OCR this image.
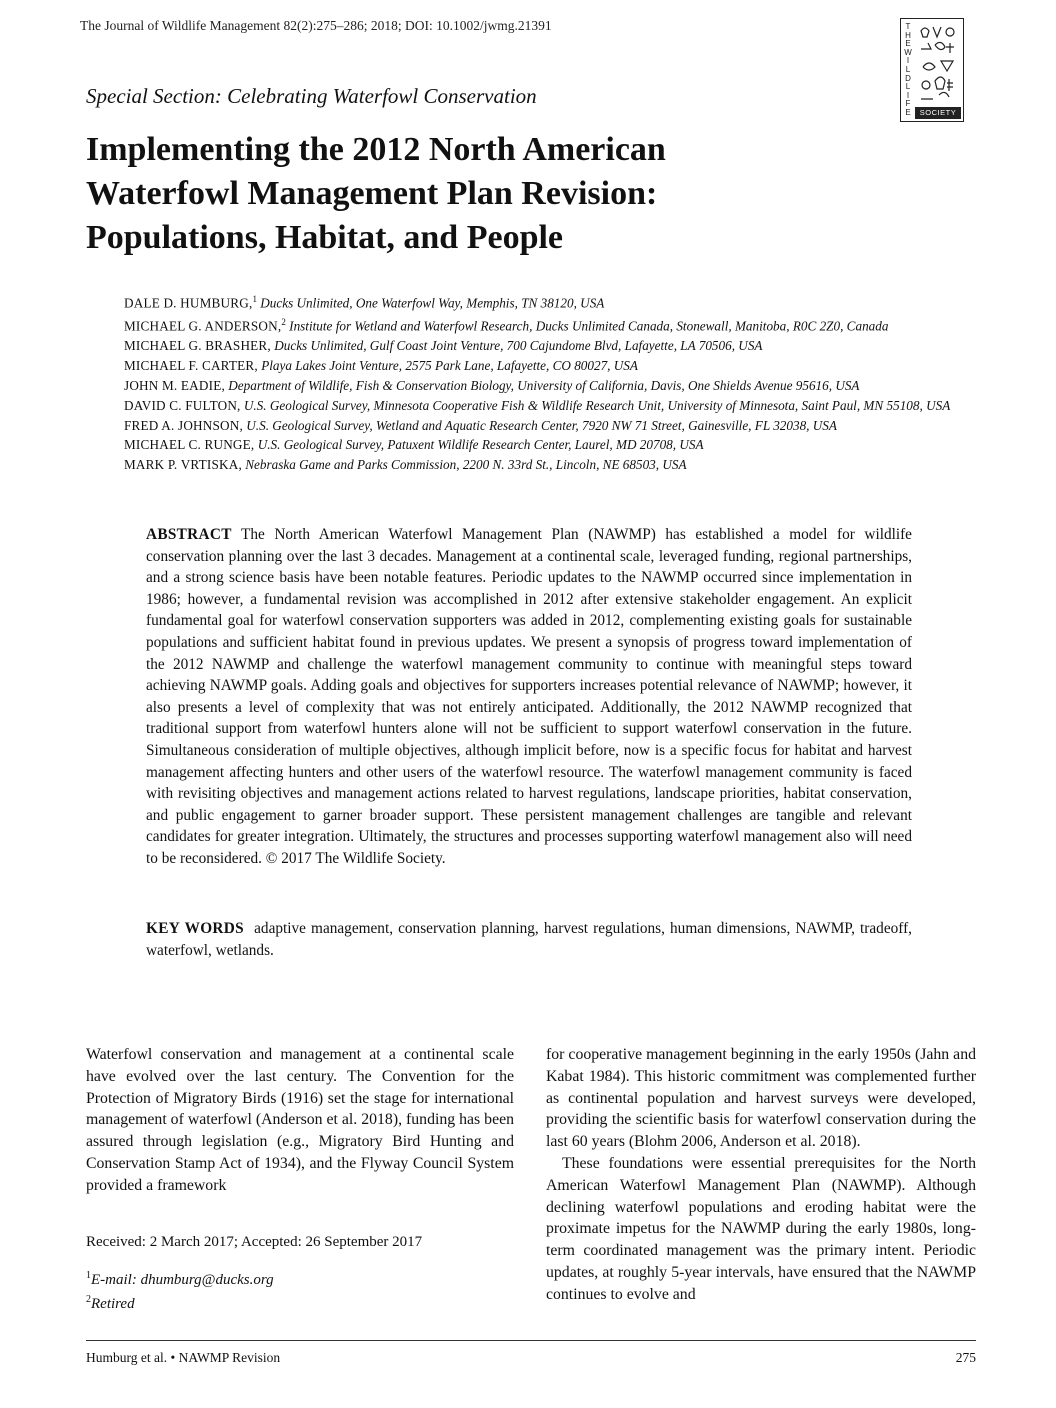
The Journal of Wildlife Management 82(2):275–286; 2018; DOI: 10.1002/jwmg.21391	T
H
E
W
I
L
D
L
I
F
E	SOCIETY
Special Section: Celebrating Waterfowl Conservation
Implementing the 2012 North American
Waterfowl Management Plan Revision:
Populations, Habitat, and People

DALE D. HUMBURG,$^1$ Ducks Unlimited, One Waterfowl Way, Memphis, TN 38120, USA

MICHAEL G. ANDERSON,$^2$ Institute for Wetland and Waterfowl Research, Ducks Unlimited Canada, Stonewall, Manitoba, R0C 2Z0, Canada

MICHAEL G. BRASHER, Ducks Unlimited, Gulf Coast Joint Venture, 700 Cajundome Blvd, Lafayette, LA 70506, USA

MICHAEL F. CARTER, Playa Lakes Joint Venture, 2575 Park Lane, Lafayette, CO 80027, USA

JOHN M. EADIE, Department of Wildlife, Fish & Conservation Biology, University of California, Davis, One Shields Avenue 95616, USA

DAVID C. FULTON, U.S. Geological Survey, Minnesota Cooperative Fish & Wildlife Research Unit, University of Minnesota, Saint Paul, MN 55108, USA

FRED A. JOHNSON, U.S. Geological Survey, Wetland and Aquatic Research Center, 7920 NW 71 Street, Gainesville, FL 32038, USA

MICHAEL C. RUNGE, U.S. Geological Survey, Patuxent Wildlife Research Center, Laurel, MD 20708, USA

MARK P. VRTISKA, Nebraska Game and Parks Commission, 2200 N. 33rd St., Lincoln, NE 68503, USA

ABSTRACT The North American Waterfowl Management Plan (NAWMP) has established a model for wildlife conservation planning over the last 3 decades. Management at a continental scale, leveraged funding, regional partnerships, and a strong science basis have been notable features. Periodic updates to the NAWMP occurred since implementation in 1986; however, a fundamental revision was accomplished in 2012 after extensive stakeholder engagement. An explicit fundamental goal for waterfowl conservation supporters was added in 2012, complementing existing goals for sustainable populations and sufficient habitat found in previous updates. We present a synopsis of progress toward implementation of the 2012 NAWMP and challenge the waterfowl management community to continue with meaningful steps toward achieving NAWMP goals. Adding goals and objectives for supporters increases potential relevance of NAWMP; however, it also presents a level of complexity that was not entirely anticipated. Additionally, the 2012 NAWMP recognized that traditional support from waterfowl hunters alone will not be sufficient to support waterfowl conservation in the future. Simultaneous consideration of multiple objectives, although implicit before, now is a specific focus for habitat and harvest management affecting hunters and other users of the waterfowl resource. The waterfowl management community is faced with revisiting objectives and management actions related to harvest regulations, landscape priorities, habitat conservation, and public engagement to garner broader support. These persistent management challenges are tangible and relevant candidates for greater integration. Ultimately, the structures and processes supporting waterfowl management also will need to be reconsidered. © 2017 The Wildlife Society.

KEY WORDS adaptive management, conservation planning, harvest regulations, human dimensions, NAWMP, tradeoff, waterfowl, wetlands.

Waterfowl conservation and management at a continental scale have evolved over the last century. The Convention for the Protection of Migratory Birds (1916) set the stage for international management of waterfowl (Anderson et al. 2018), funding has been assured through legislation (e.g., Migratory Bird Hunting and Conservation Stamp Act of 1934), and the Flyway Council System provided a framework

for cooperative management beginning in the early 1950s (Jahn and Kabat 1984). This historic commitment was complemented further as continental population and harvest surveys were developed, providing the scientific basis for waterfowl conservation during the last 60 years (Blohm 2006, Anderson et al. 2018).

These foundations were essential prerequisites for the North American Waterfowl Management Plan (NAWMP). Although declining waterfowl populations and eroding habitat were the proximate impetus for the NAWMP during the early 1980s, long-term coordinated management was the primary intent. Periodic updates, at roughly 5-year intervals, have ensured that the NAWMP continues to evolve and

Received: 2 March 2017; Accepted: 26 September 2017
$^1$E-mail: dhumburg@ducks.org
$^2$Retired
Humburg et al. • NAWMP Revision	275
